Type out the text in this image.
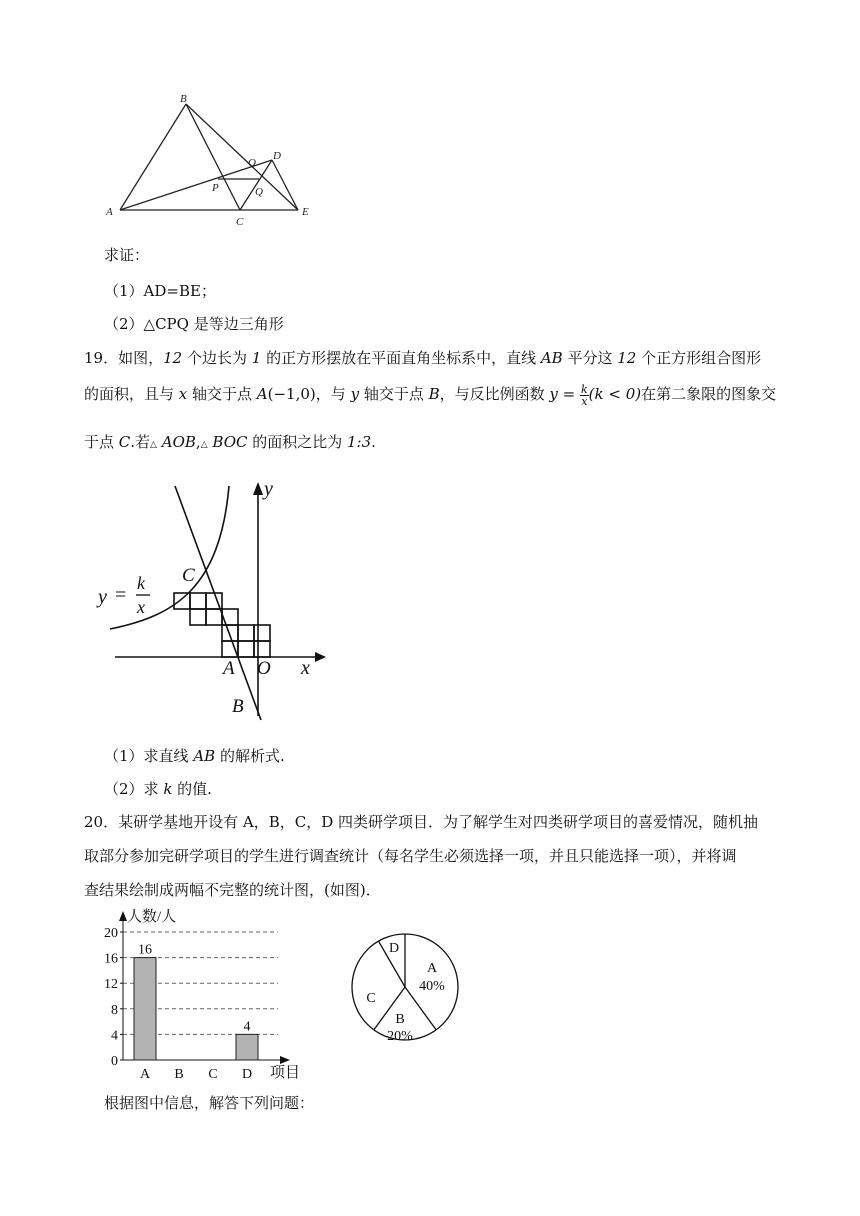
B
D
O
P	Q
A
C
E
求证：
（1）AD=BE；
（2）△CPQ 是等边三角形
19．如图，12 个边长为 1 的正方形摆放在平面直角坐标系中，直线 AB 平分这 12 个正方形组合图形
的面积，且与 x 轴交于点 A(−1,0)，与 y 轴交于点 B，与反比例函数 $y = \frac{k}{x} (k < 0)$在第二象限的图象交
于点 C.若△ AOB,△ BOC 的面积之比为 1:3.
y
x
y =
k
x
C
A O
B
（1）求直线 AB 的解析式.
（2）求 k 的值.
20．某研学基地开设有 A，B，C，D 四类研学项目．为了解学生对四类研学项目的喜爱情况，随机抽
取部分参加完研学项目的学生进行调查统计（每名学生必须选择一项，并且只能选择一项），并将调
查结果绘制成两幅不完整的统计图，(如图)．
0
4
8
12
16
20
人数/人
项目
A
16
B C D
4
A
40%
B
20%
C
D
根据图中信息，解答下列问题：
